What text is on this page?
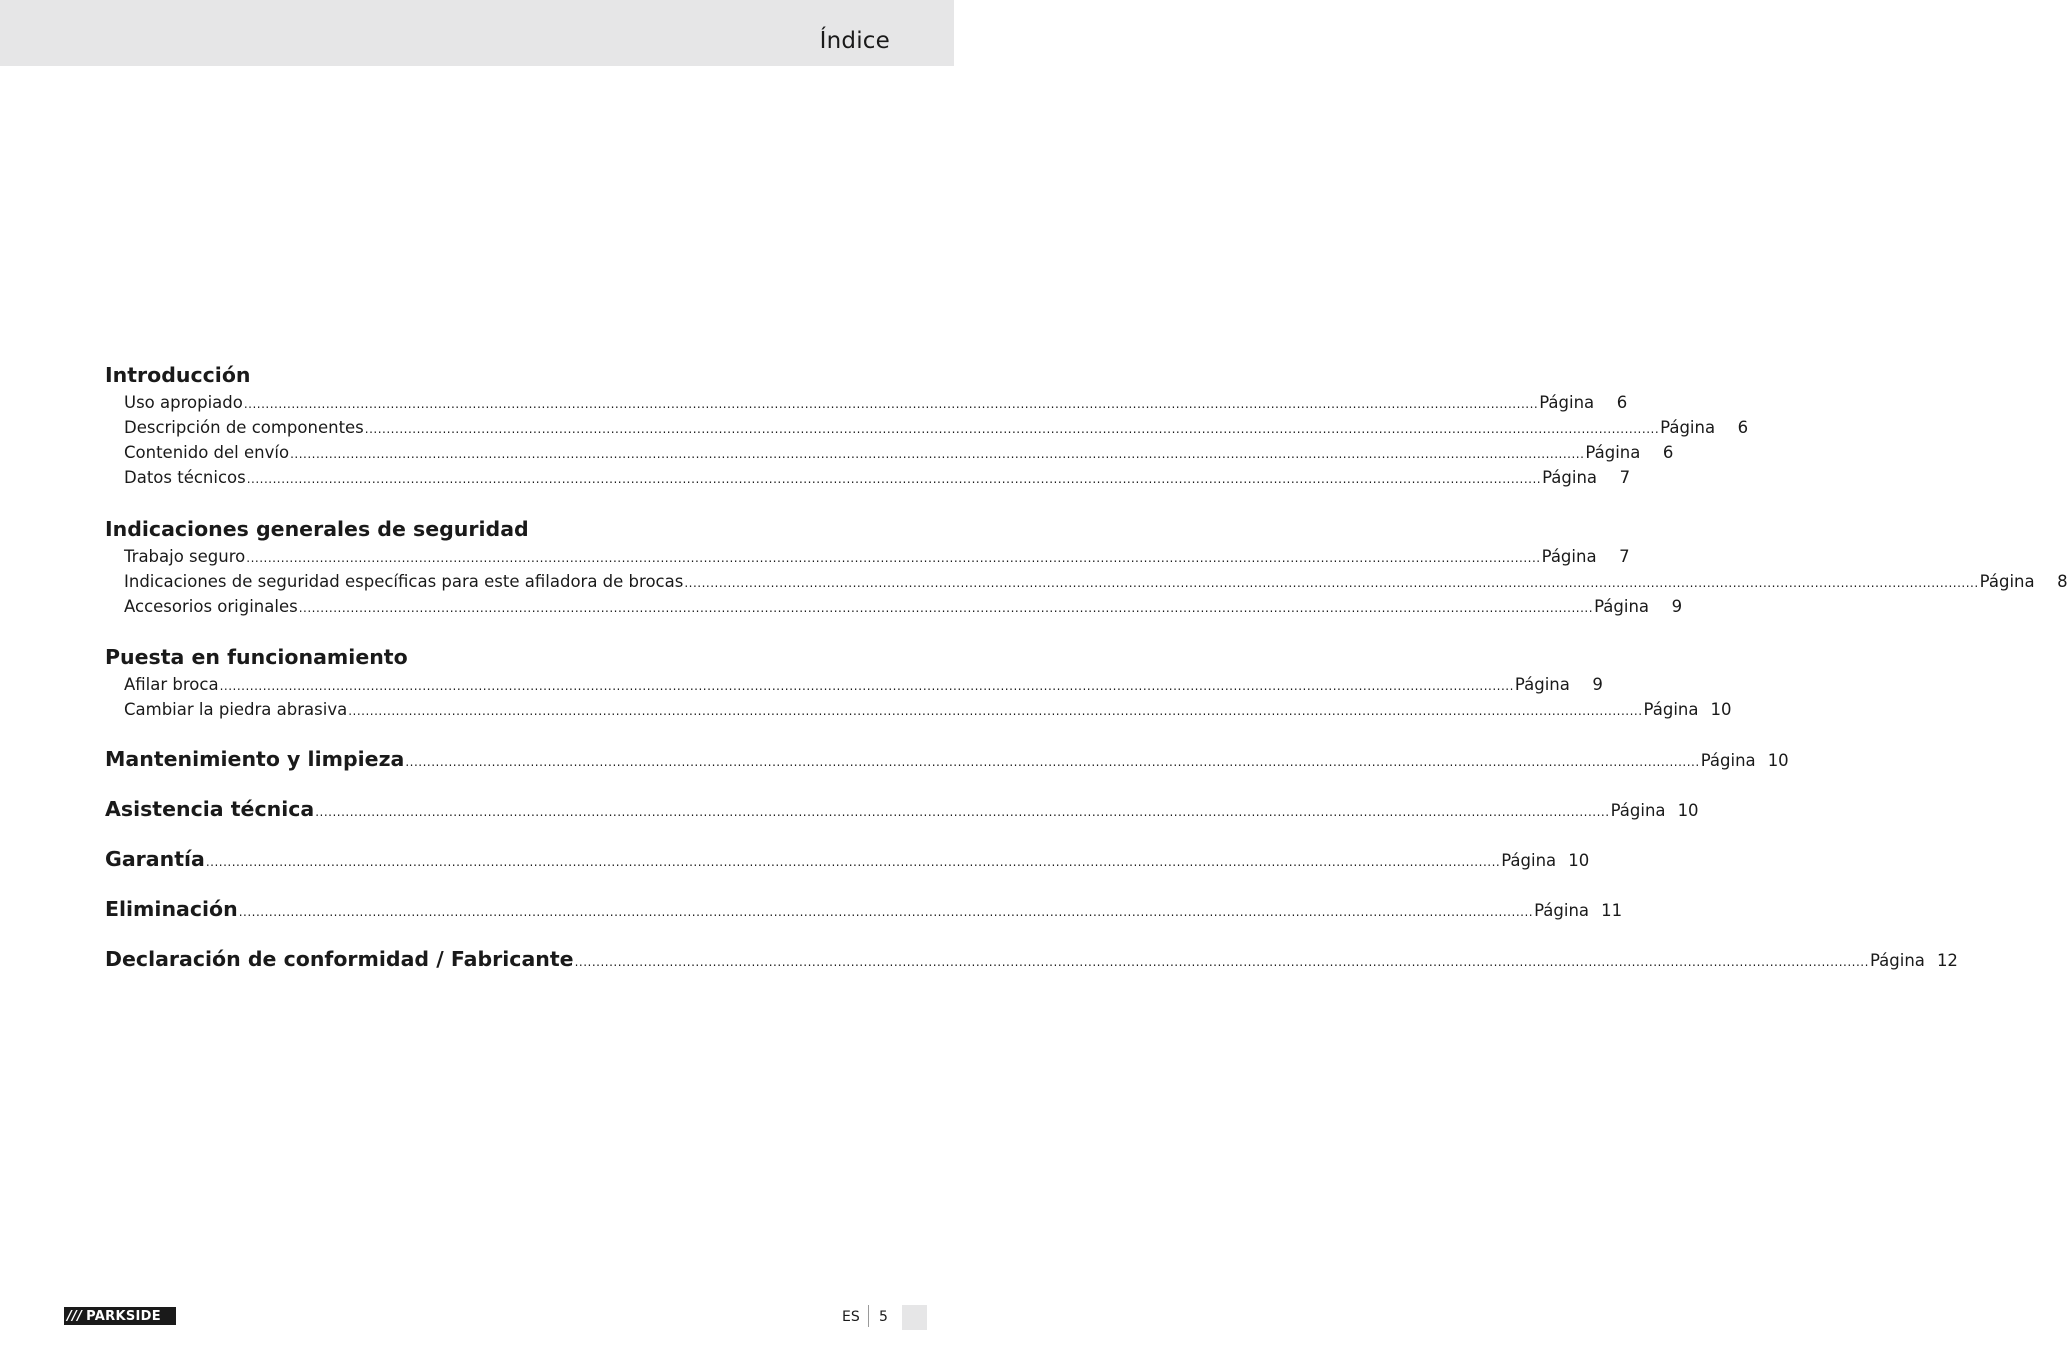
Índice
Introducción
Uso apropiado ............................................................................................................................................................................................................................................................................................................ Página	6
Descripción de componentes ............................................................................................................................................................................................................................................................................................................ Página	6
Contenido del envío ............................................................................................................................................................................................................................................................................................................ Página	6
Datos técnicos ............................................................................................................................................................................................................................................................................................................ Página	7
Indicaciones generales de seguridad
Trabajo seguro ............................................................................................................................................................................................................................................................................................................ Página	7
Indicaciones de seguridad específicas para este afiladora de brocas ............................................................................................................................................................................................................................................................................................................ Página	8
Accesorios originales ............................................................................................................................................................................................................................................................................................................ Página	9
Puesta en funcionamiento
Afilar broca ............................................................................................................................................................................................................................................................................................................ Página	9
Cambiar la piedra abrasiva ............................................................................................................................................................................................................................................................................................................ Página 10
Mantenimiento y limpieza ............................................................................................................................................................................................................................................................................................................ Página 10
Asistencia técnica ............................................................................................................................................................................................................................................................................................................ Página 10
Garantía ............................................................................................................................................................................................................................................................................................................ Página 10
Eliminación ............................................................................................................................................................................................................................................................................................................ Página 11
Declaración de conformidad / Fabricante ............................................................................................................................................................................................................................................................................................................ Página 12
/// PARKSIDE	ES 5
